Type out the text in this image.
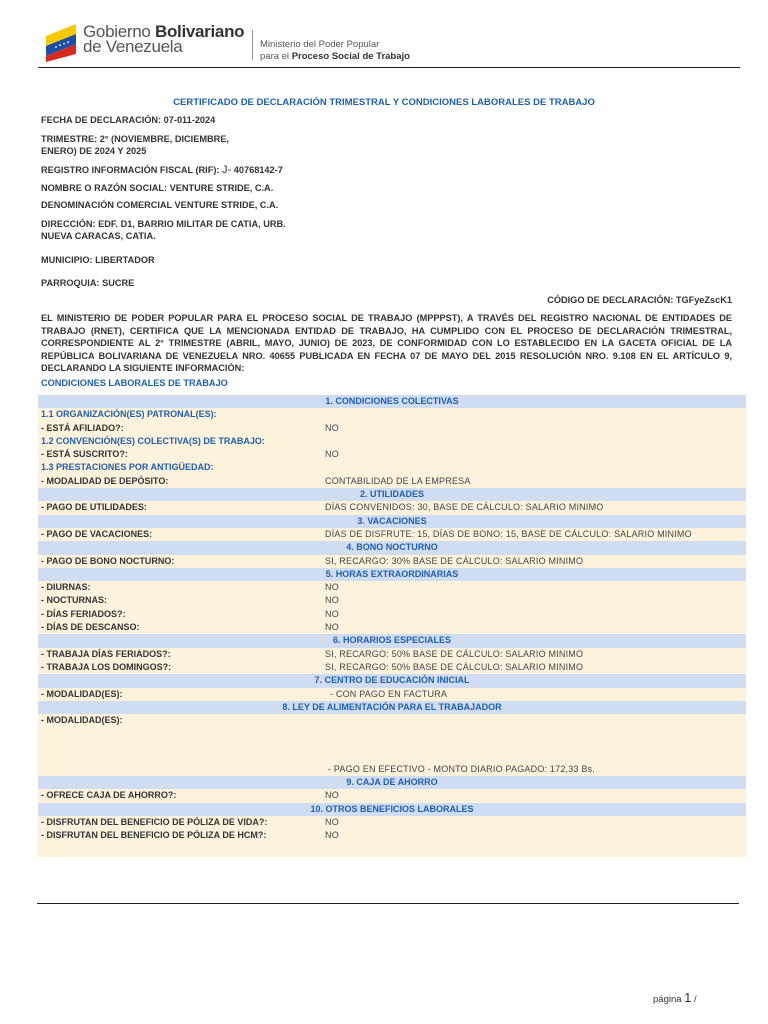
Gobierno Bolivariano
de Venezuela	Ministerio del Poder Popular
para el Proceso Social de Trabajo
CERTIFICADO DE DECLARACIÓN TRIMESTRAL Y CONDICIONES LABORALES DE TRABAJO
FECHA DE DECLARACIÓN: 07-011-2024
TRIMESTRE: 2° (NOVIEMBRE, DICIEMBRE,
ENERO) DE 2024 Y 2025
REGISTRO INFORMACIÓN FISCAL (RIF): J- 40768142-7
NOMBRE O RAZÓN SOCIAL: VENTURE STRIDE, C.A.
DENOMINACIÓN COMERCIAL VENTURE STRIDE, C.A.
DIRECCIÓN: EDF. D1, BARRIO MILITAR DE CATIA, URB.
NUEVA CARACAS, CATIA.
MUNICIPIO: LIBERTADOR
PARROQUIA: SUCRE
CÓDIGO DE DECLARACIÓN: TGFyeZscK1
EL MINISTERIO DE PODER POPULAR PARA EL PROCESO SOCIAL DE TRABAJO (MPPPST), A TRAVÉS DEL REGISTRO NACIONAL DE ENTIDADES DE TRABAJO (RNET), CERTIFICA QUE LA MENCIONADA ENTIDAD DE TRABAJO, HA CUMPLIDO CON EL PROCESO DE DECLARACIÓN TRIMESTRAL, CORRESPONDIENTE AL 2° TRIMESTRE (ABRIL, MAYO, JUNIO) DE 2023, DE CONFORMIDAD CON LO ESTABLECIDO EN LA GACETA OFICIAL DE LA REPÚBLICA BOLIVARIANA DE VENEZUELA NRO. 40655 PUBLICADA EN FECHA 07 DE MAYO DEL 2015 RESOLUCIÓN NRO. 9.108 EN EL ARTÍCULO 9, DECLARANDO LA SIGUIENTE INFORMACIÓN:
CONDICIONES LABORALES DE TRABAJO
1. CONDICIONES COLECTIVAS
1.1 ORGANIZACIÓN(ES) PATRONAL(ES):
- ESTÁ AFILIADO?:	NO
1.2 CONVENCIÓN(ES) COLECTIVA(S) DE TRABAJO:
- ESTÁ SUSCRITO?:	NO
1.3 PRESTACIONES POR ANTIGÜEDAD:
- MODALIDAD DE DEPÓSITO:	CONTABILIDAD DE LA EMPRESA
2. UTILIDADES
- PAGO DE UTILIDADES:	DÍAS CONVENIDOS: 30, BASE DE CÁLCULO: SALARIO MINIMO
3. VACACIONES
- PAGO DE VACACIONES:	DÍAS DE DISFRUTE: 15, DÍAS DE BONO: 15, BASE DE CÁLCULO: SALARIO MINIMO
4. BONO NOCTURNO
- PAGO DE BONO NOCTURNO:	SI, RECARGO: 30% BASE DE CÁLCULO: SALARIO MINIMO
5. HORAS EXTRAORDINARIAS
- DIURNAS:	NO
- NOCTURNAS:	NO
- DÍAS FERIADOS?:	NO
- DÍAS DE DESCANSO:	NO
6. HORARIOS ESPECIALES
- TRABAJA DÍAS FERIADOS?:	SI, RECARGO: 50% BASE DE CÁLCULO: SALARIO MINIMO
- TRABAJA LOS DOMINGOS?:	SI, RECARGO: 50% BASE DE CÁLCULO: SALARIO MINIMO
7. CENTRO DE EDUCACIÓN INICIAL
- MODALIDAD(ES):	- CON PAGO EN FACTURA
8. LEY DE ALIMENTACIÓN PARA EL TRABAJADOR
- MODALIDAD(ES):
- PAGO EN EFECTIVO - MONTO DIARIO PAGADO: 172,33 Bs.
9. CAJA DE AHORRO
- OFRECE CAJA DE AHORRO?:	NO
10. OTROS BENEFICIOS LABORALES
- DISFRUTAN DEL BENEFICIO DE PÓLIZA DE VIDA?:	NO
- DISFRUTAN DEL BENEFICIO DE PÓLIZA DE HCM?:	NO
página 1 /
